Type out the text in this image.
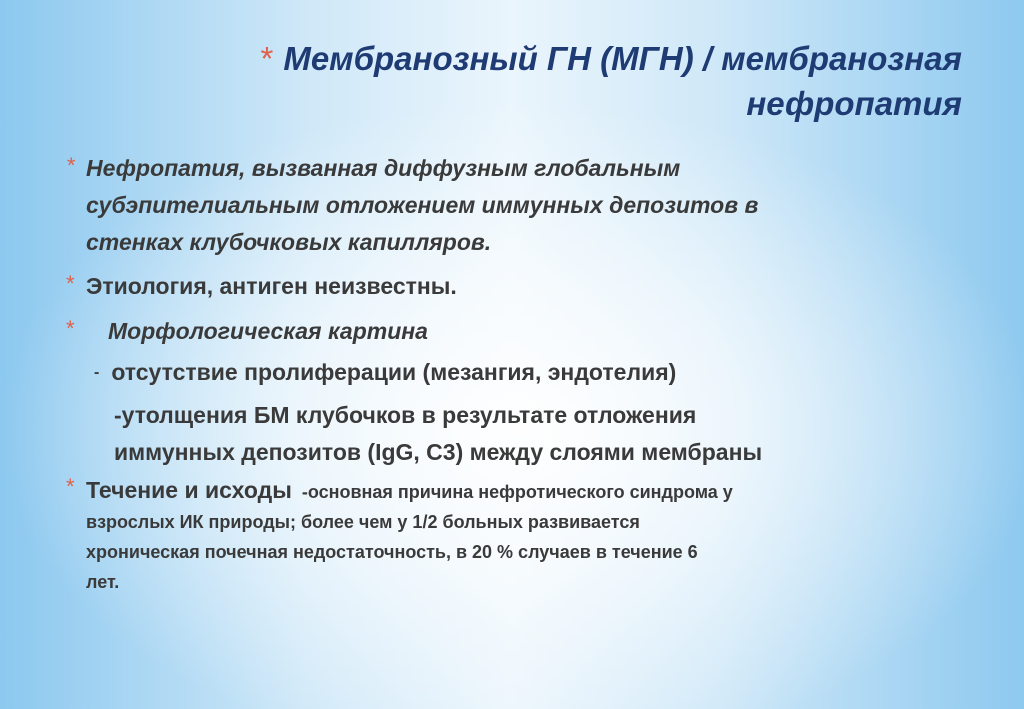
* Мембранозный ГН (МГН) / мембранозная
нефропатия
* Нефропатия, вызванная диффузным глобальным
субэпителиальным отложением иммунных депозитов в
стенках клубочковых капилляров.
* Этиология, антиген неизвестны.
* Морфологическая картина
- отсутствие пролиферации (мезангия, эндотелия)
-утолщения БМ клубочков в результате отложения
иммунных депозитов (IgG, C3) между слоями мембраны
* Течение и исходы -основная причина нефротического синдрома у
взрослых ИК природы; более чем у 1/2 больных развивается
хроническая почечная недостаточность, в 20 % случаев в течение 6
лет.
